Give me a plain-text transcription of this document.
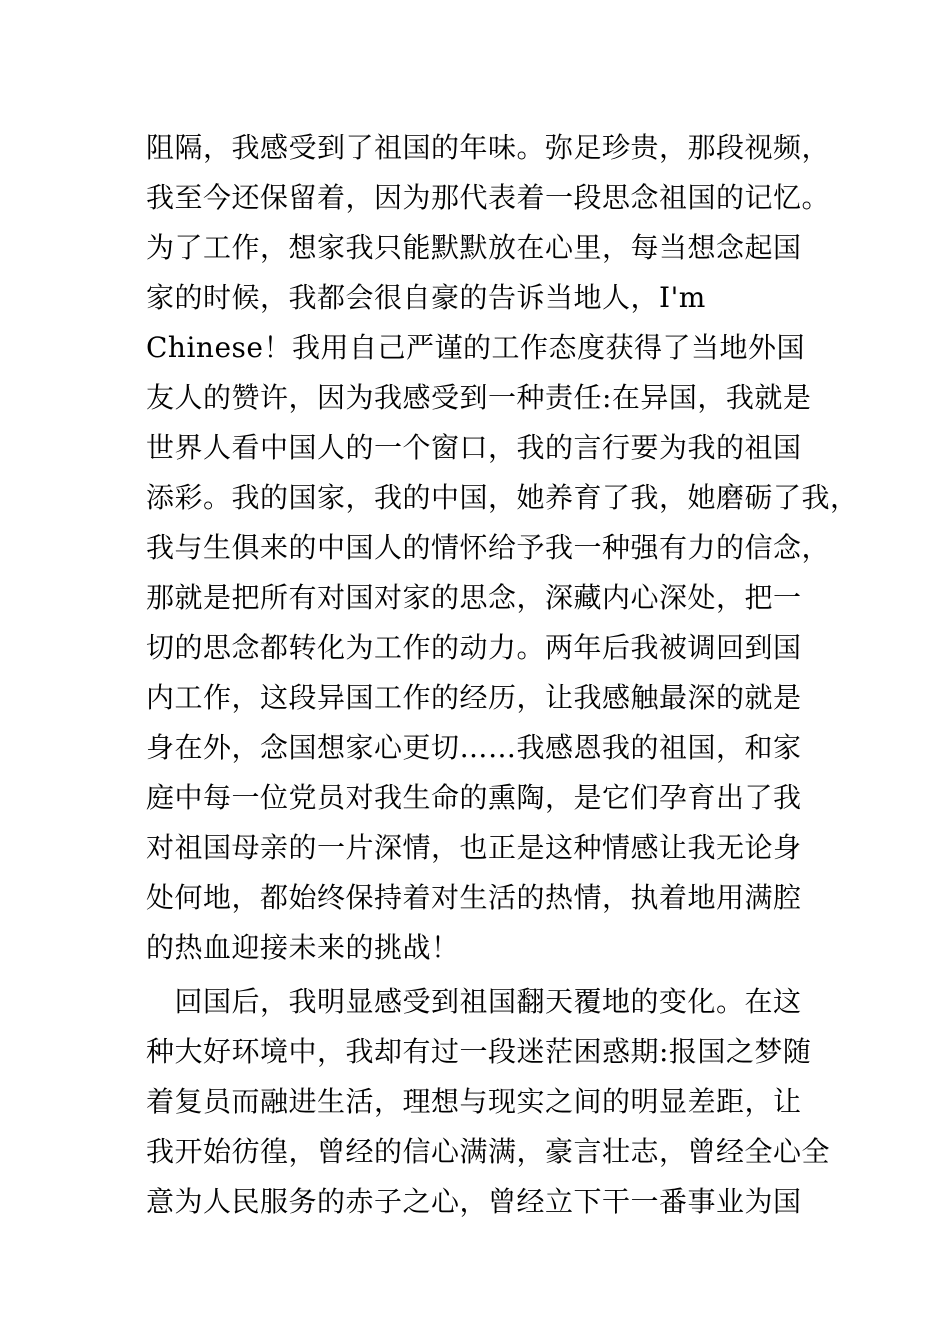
阻隔，我感受到了祖国的年味。弥足珍贵，那段视频，
我至今还保留着，因为那代表着一段思念祖国的记忆。
为了工作，想家我只能默默放在心里，每当想念起国
家的时候，我都会很自豪的告诉当地人，I'm
Chinese！我用自己严谨的工作态度获得了当地外国
友人的赞许，因为我感受到一种责任:在异国，我就是
世界人看中国人的一个窗口，我的言行要为我的祖国
添彩。我的国家，我的中国，她养育了我，她磨砺了我，
我与生俱来的中国人的情怀给予我一种强有力的信念，
那就是把所有对国对家的思念，深藏内心深处，把一
切的思念都转化为工作的动力。两年后我被调回到国
内工作，这段异国工作的经历，让我感触最深的就是
身在外，念国想家心更切……我感恩我的祖国，和家
庭中每一位党员对我生命的熏陶，是它们孕育出了我
对祖国母亲的一片深情，也正是这种情感让我无论身
处何地，都始终保持着对生活的热情，执着地用满腔
的热血迎接未来的挑战！
　回国后，我明显感受到祖国翻天覆地的变化。在这
种大好环境中，我却有过一段迷茫困惑期:报国之梦随
着复员而融进生活，理想与现实之间的明显差距，让
我开始彷徨，曾经的信心满满，豪言壮志，曾经全心全
意为人民服务的赤子之心，曾经立下干一番事业为国
